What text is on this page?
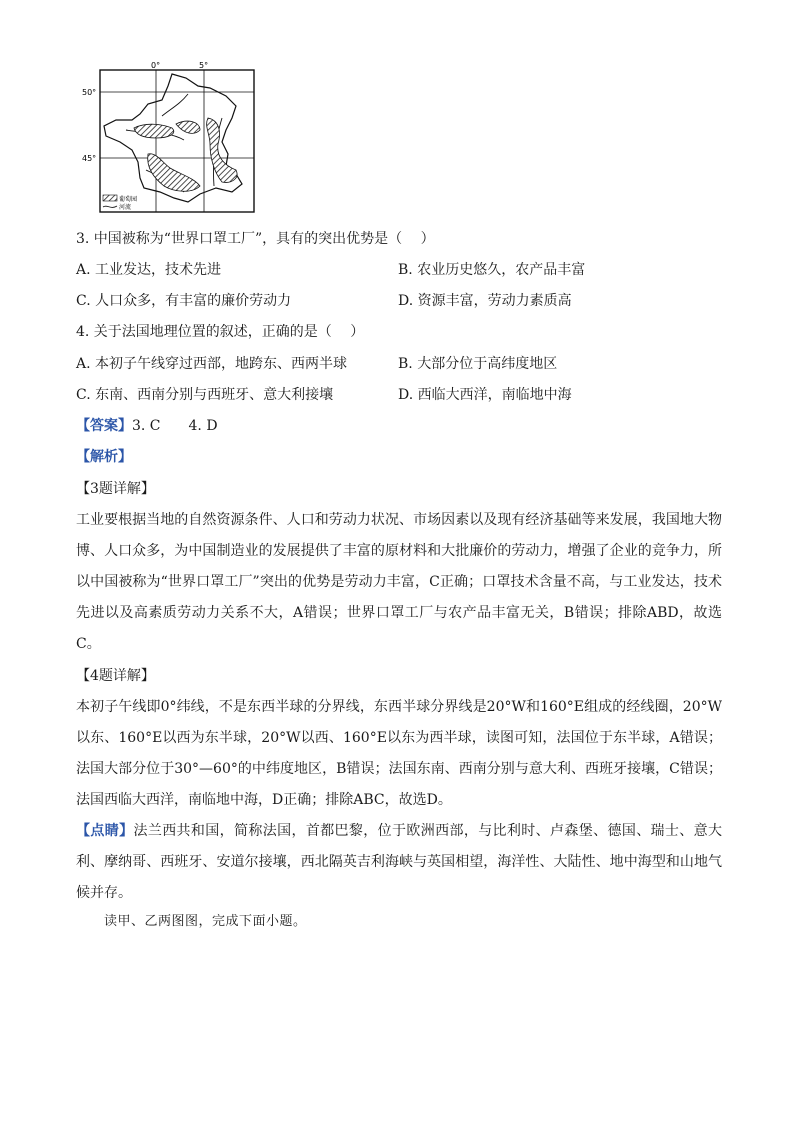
0°	5°
50°
45°
葡萄园
河流
3. 中国被称为“世界口罩工厂”，具有的突出优势是（　 ）
A. 工业发达，技术先进	B. 农业历史悠久，农产品丰富
C. 人口众多，有丰富的廉价劳动力	D. 资源丰富，劳动力素质高
4. 关于法国地理位置的叙述，正确的是（　 ）
A. 本初子午线穿过西部，地跨东、西两半球	B. 大部分位于高纬度地区
C. 东南、西南分别与西班牙、意大利接壤	D. 西临大西洋，南临地中海
【答案】3. C　　4. D
【解析】
【3题详解】
工业要根据当地的自然资源条件、人口和劳动力状况、市场因素以及现有经济基础等来发展，我国地大物博、人口众多，为中国制造业的发展提供了丰富的原材料和大批廉价的劳动力，增强了企业的竞争力，所以中国被称为“世界口罩工厂”突出的优势是劳动力丰富，C正确；口罩技术含量不高，与工业发达，技术先进以及高素质劳动力关系不大，A错误；世界口罩工厂与农产品丰富无关，B错误；排除ABD，故选C。
【4题详解】
本初子午线即0°纬线，不是东西半球的分界线，东西半球分界线是20°W和160°E组成的经线圈，20°W以东、160°E以西为东半球，20°W以西、160°E以东为西半球，读图可知，法国位于东半球，A错误；法国大部分位于30°—60°的中纬度地区，B错误；法国东南、西南分别与意大利、西班牙接壤，C错误；法国西临大西洋，南临地中海，D正确；排除ABC，故选D。
【点睛】法兰西共和国，简称法国，首都巴黎，位于欧洲西部，与比利时、卢森堡、德国、瑞士、意大利、摩纳哥、西班牙、安道尔接壤，西北隔英吉利海峡与英国相望，海洋性、大陆性、地中海型和山地气候并存。
读甲、乙两图图，完成下面小题。
